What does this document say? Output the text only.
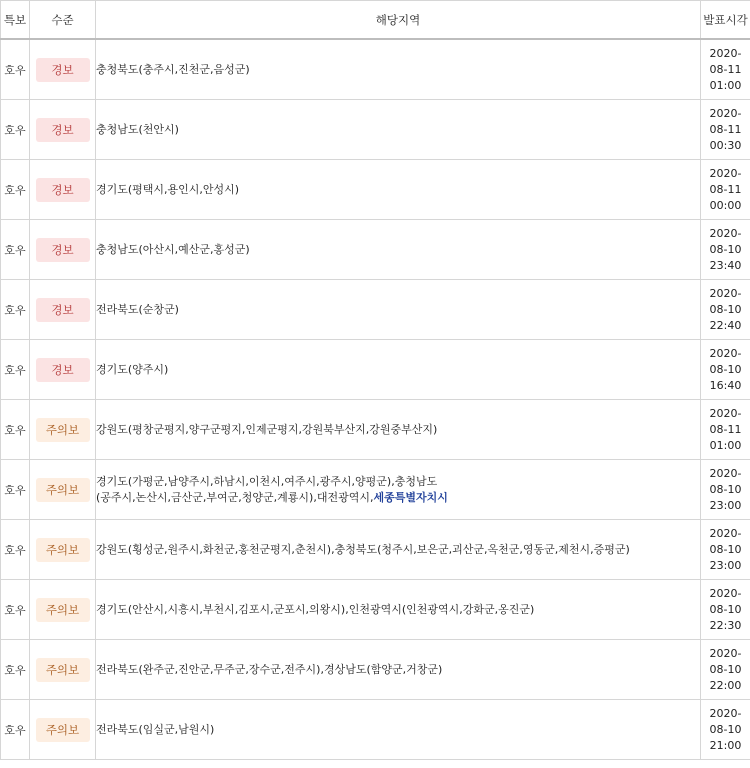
특보	수준	해당지역	발표시각
호우	경보	충청북도(충주시,진천군,음성군)	2020-
08-11
01:00

호우	경보	충청남도(천안시)	2020-
08-11
00:30

호우	경보	경기도(평택시,용인시,안성시)	2020-
08-11
00:00

호우	경보	충청남도(아산시,예산군,홍성군)	2020-
08-10
23:40

호우	경보	전라북도(순창군)	2020-
08-10
22:40

호우	경보	경기도(양주시)	2020-
08-10
16:40

호우	주의보	강원도(평창군평지,양구군평지,인제군평지,강원북부산지,강원중부산지)	2020-
08-11
01:00

호우	주의보	경기도(가평군,남양주시,하남시,이천시,여주시,광주시,양평군),충청남도
(공주시,논산시,금산군,부여군,청양군,계룡시),대전광역시,세종특별자치시	2020-
08-10
23:00

호우	주의보	강원도(횡성군,원주시,화천군,홍천군평지,춘천시),충청북도(청주시,보은군,괴산군,옥천군,영동군,제천시,증평군)	2020-
08-10
23:00

호우	주의보	경기도(안산시,시흥시,부천시,김포시,군포시,의왕시),인천광역시(인천광역시,강화군,옹진군)	2020-
08-10
22:30

호우	주의보	전라북도(완주군,진안군,무주군,장수군,전주시),경상남도(함양군,거창군)	2020-
08-10
22:00

호우	주의보	전라북도(임실군,남원시)	2020-
08-10
21:00
